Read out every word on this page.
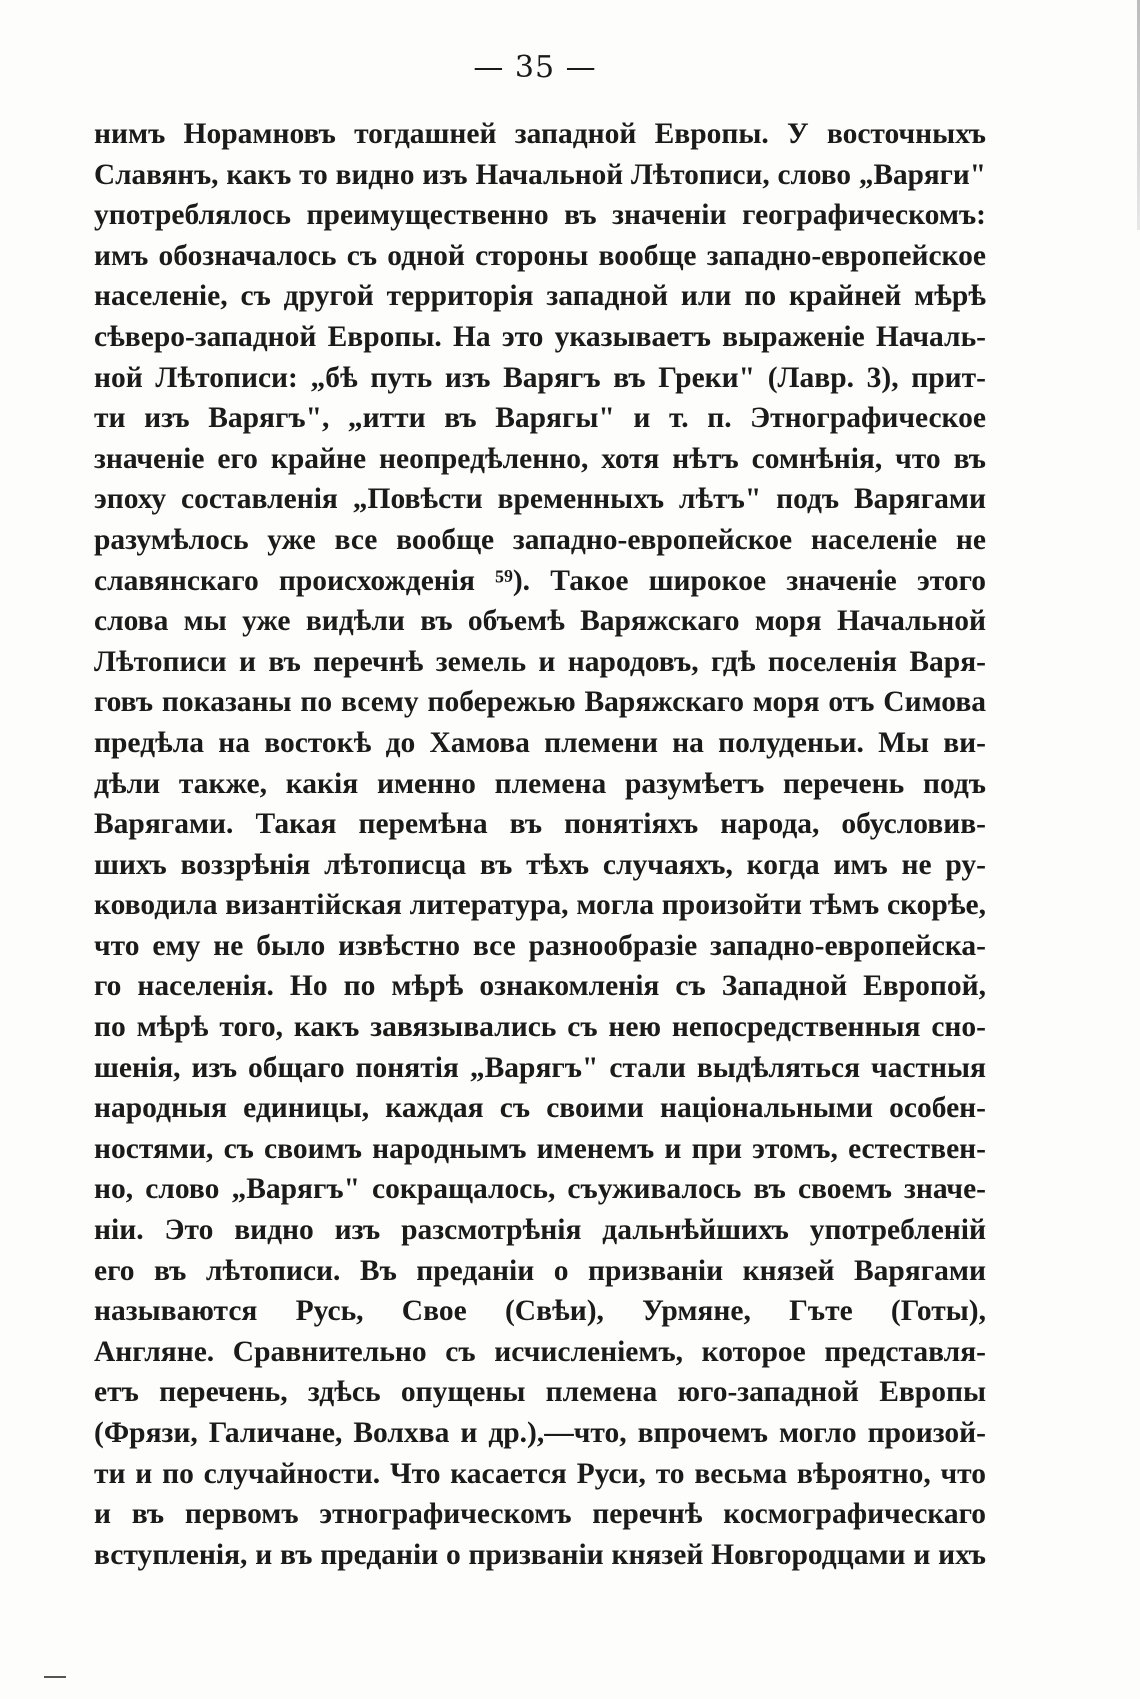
— 35 —
нимъ Норамновъ тогдашней западной Европы. У восточныхъ
Славянъ, какъ то видно изъ Начальной Лѣтописи, слово „Варяги"
употреблялось преимущественно въ значеніи географическомъ:
имъ обозначалось съ одной стороны вообще западно-европейское
населеніе, съ другой территорія западной или по крайней мѣрѣ
сѣверо-западной Европы. На это указываетъ выраженіе Началь-
ной Лѣтописи: „бѣ путь изъ Варягъ въ Греки" (Лавр. 3), прит-
ти изъ Варягъ", „итти въ Варягы" и т. п. Этнографическое
значеніе его крайне неопредѣленно, хотя нѣтъ сомнѣнія, что въ
эпоху составленія „Повѣсти временныхъ лѣтъ" подъ Варягами
разумѣлось уже все вообще западно-европейское населеніе не
славянскаго происхожденія ⁵⁹). Такое широкое значеніе этого
слова мы уже видѣли въ объемѣ Варяжскаго моря Начальной
Лѣтописи и въ перечнѣ земель и народовъ, гдѣ поселенія Варя-
говъ показаны по всему побережью Варяжскаго моря отъ Симова
предѣла на востокѣ до Хамова племени на полуденьи. Мы ви-
дѣли также, какія именно племена разумѣетъ перечень подъ
Варягами. Такая перемѣна въ понятіяхъ народа, обусловив-
шихъ воззрѣнія лѣтописца въ тѣхъ случаяхъ, когда имъ не ру-
ководила византійская литература, могла произойти тѣмъ скорѣе,
что ему не было извѣстно все разнообразіе западно-европейска-
го населенія. Но по мѣрѣ ознакомленія съ Западной Европой,
по мѣрѣ того, какъ завязывались съ нею непосредственныя сно-
шенія, изъ общаго понятія „Варягъ" стали выдѣляться частныя
народныя единицы, каждая съ своими національными особен-
ностями, съ своимъ народнымъ именемъ и при этомъ, естествен-
но, слово „Варягъ" сокращалось, съуживалось въ своемъ значе-
ніи. Это видно изъ разсмотрѣнія дальнѣйшихъ употребленій
его въ лѣтописи. Въ преданіи о призваніи князей Варягами
называются Русь, Свое (Свѣи), Урмяне, Гъте (Готы),
Англяне. Сравнительно съ исчисленіемъ, которое представля-
етъ перечень, здѣсь опущены племена юго-западной Европы
(Фрязи, Галичане, Волхва и др.),—что, впрочемъ могло произой-
ти и по случайности. Что касается Руси, то весьма вѣроятно, что
и въ первомъ этнографическомъ перечнѣ космографическаго
вступленія, и въ преданіи о призваніи князей Новгородцами и ихъ
